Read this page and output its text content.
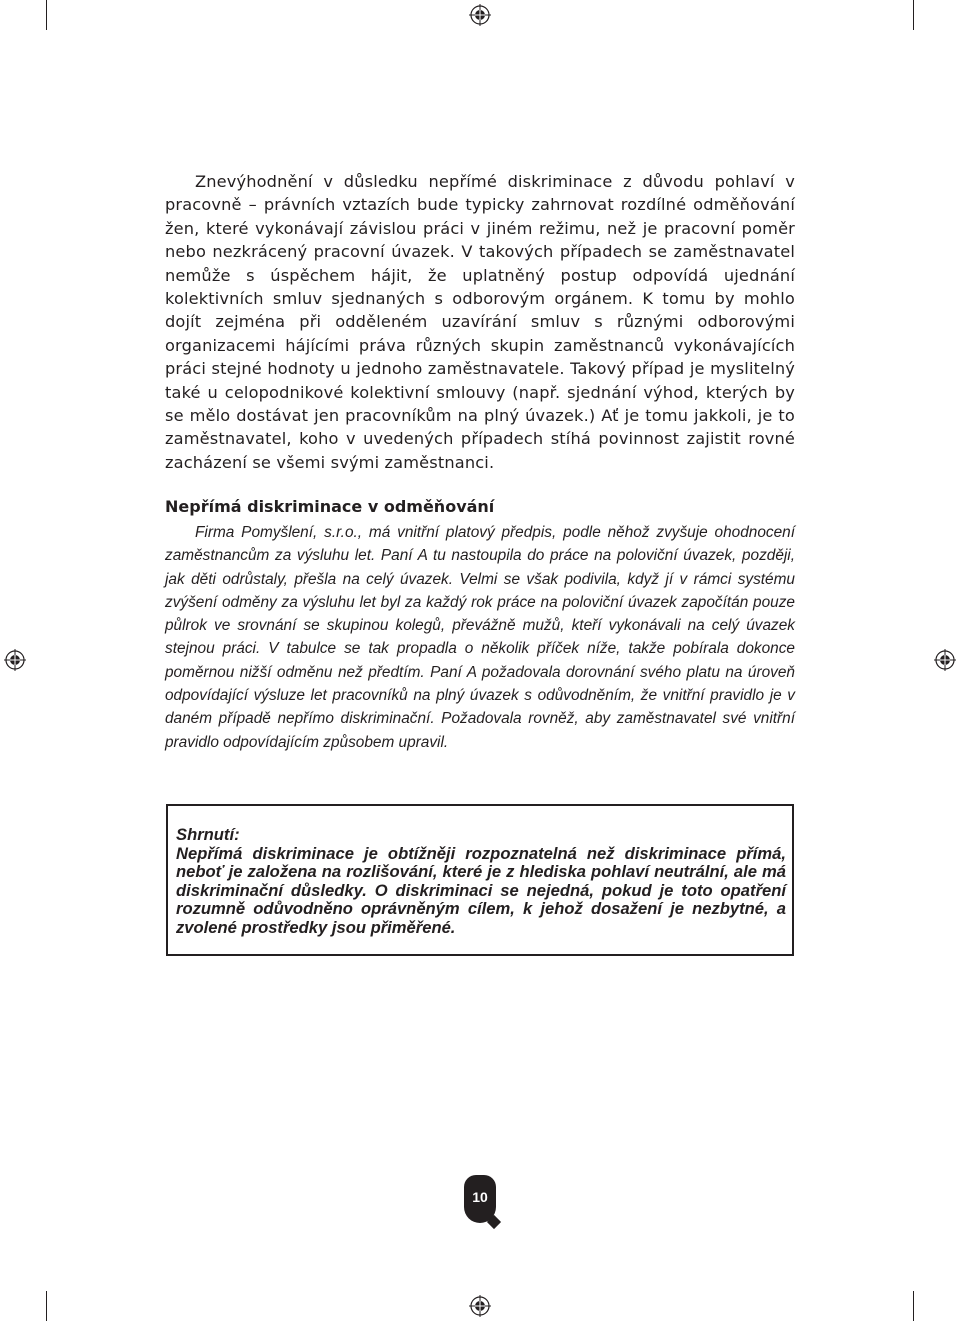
Znevýhodnění v důsledku nepřímé diskriminace z důvodu pohlaví v pracovně – právních vztazích bude typicky zahrnovat rozdílné odměňování žen, které vykonávají závislou práci v jiném režimu, než je pracovní poměr nebo nezkrácený pracovní úvazek. V takových případech se zaměstnavatel nemůže s úspěchem hájit, že uplatněný postup odpovídá ujednání kolektivních smluv sjednaných s odborovým orgánem. K tomu by mohlo dojít zejména při odděleném uzavírání smluv s různými odborovými organizacemi hájícími práva různých skupin zaměstnanců vykonávajících práci stejné hodnoty u jednoho zaměstnavatele. Takový případ je myslitelný také u celopodnikové kolektivní smlouvy (např. sjednání výhod, kterých by se mělo dostávat jen pracovníkům na plný úvazek.) Ať je tomu jakkoli, je to zaměstnavatel, koho v uvedených případech stíhá povinnost zajistit rovné zacházení se všemi svými zaměstnanci.

Nepřímá diskriminace v odměňování

Firma Pomyšlení, s.r.o., má vnitřní platový předpis, podle něhož zvyšuje ohodnocení zaměstnancům za výsluhu let. Paní A tu nastoupila do práce na poloviční úvazek, později, jak děti odrůstaly, přešla na celý úvazek. Velmi se však podivila, když jí v rámci systému zvýšení odměny za výsluhu let byl za každý rok práce na poloviční úvazek započítán pouze půlrok ve srovnání se skupinou kolegů, převážně mužů, kteří vykonávali na celý úvazek stejnou práci. V tabulce se tak propadla o několik příček níže, takže pobírala dokonce poměrnou nižší odměnu než předtím. Paní A požadovala dorovnání svého platu na úroveň odpovídající výsluze let pracovníků na plný úvazek s odůvodněním, že vnitřní pravidlo je v daném případě nepřímo diskriminační. Požadovala rovněž, aby zaměstnavatel své vnitřní pravidlo odpovídajícím způsobem upravil.

Shrnutí:
Nepřímá diskriminace je obtížněji rozpoznatelná než diskriminace přímá, neboť je založena na rozlišování, které je z hlediska pohlaví neutrální, ale má diskriminační důsledky. O diskriminaci se nejedná, pokud je toto opatření rozumně odůvodněno oprávněným cílem, k jehož dosažení je nezbytné, a zvolené prostředky jsou přiměřené.
10
